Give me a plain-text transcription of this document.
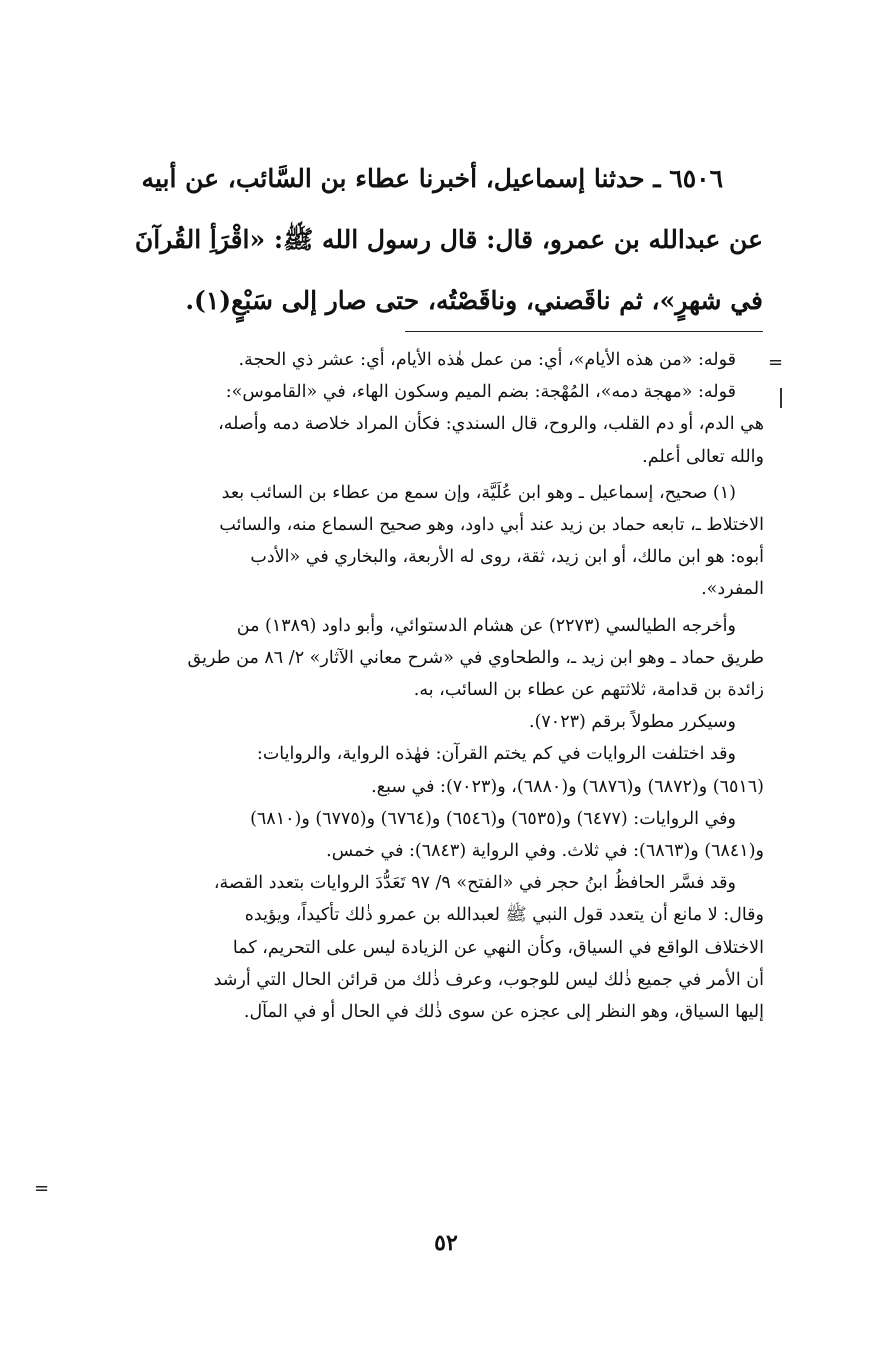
٦٥٠٦ ـ حدثنا إسماعيل، أخبرنا عطاء بن السَّائب، عن أبيه
عن عبدالله بن عمرو، قال: قال رسول الله ﷺ: «اقْرَأِ القُرآنَ
في شهرٍ»، ثم ناقَصني، وناقَصْتُه، حتى صار إلى سَبْعٍ(١).
=
قوله: «من هذه الأيام»، أي: من عمل هٰذه الأيام، أي: عشر ذي الحجة.
قوله: «مهجة دمه»، المُهْجة: بضم الميم وسكون الهاء، في «القاموس»:
هي الدم، أو دم القلب، والروح، قال السندي: فكأن المراد خلاصة دمه وأصله،
والله تعالى أعلم.
(١) صحيح، إسماعيل ـ وهو ابن عُلَيَّة، وإن سمع من عطاء بن السائب بعد
الاختلاط ـ، تابعه حماد بن زيد عند أبي داود، وهو صحيح السماع منه، والسائب
أبوه: هو ابن مالك، أو ابن زيد، ثقة، روى له الأربعة، والبخاري في «الأدب
المفرد».
وأخرجه الطيالسي (٢٢٧٣) عن هشام الدستوائي، وأبو داود (١٣٨٩) من
طريق حماد ـ وهو ابن زيد ـ، والطحاوي في «شرح معاني الآثار» ٢/ ٨٦ من طريق
زائدة بن قدامة، ثلاثتهم عن عطاء بن السائب، به.
وسيكرر مطولاً برقم (٧٠٢٣).
وقد اختلفت الروايات في كم يختم القرآن: فهٰذه الرواية، والروايات:
(٦٥١٦) و(٦٨٧٢) و(٦٨٧٦) و(٦٨٨٠)، و(٧٠٢٣): في سبع.
وفي الروايات: (٦٤٧٧) و(٦٥٣٥) و(٦٥٤٦) و(٦٧٦٤) و(٦٧٧٥) و(٦٨١٠)
و(٦٨٤١) و(٦٨٦٣): في ثلاث. وفي الرواية (٦٨٤٣): في خمس.
وقد فسَّر الحافظُ ابنُ حجر في «الفتح» ٩/ ٩٧ تَعَدُّدَ الروايات بتعدد القصة،
وقال: لا مانع أن يتعدد قول النبي ﷺ لعبدالله بن عمرو ذٰلك تأكيداً، ويؤيده
الاختلاف الواقع في السياق، وكأن النهي عن الزيادة ليس على التحريم، كما
أن الأمر في جميع ذٰلك ليس للوجوب، وعرف ذٰلك من قرائن الحال التي أرشد
إليها السياق، وهو النظر إلى عجزه عن سوى ذٰلك في الحال أو في المآل.
=
٥٢
